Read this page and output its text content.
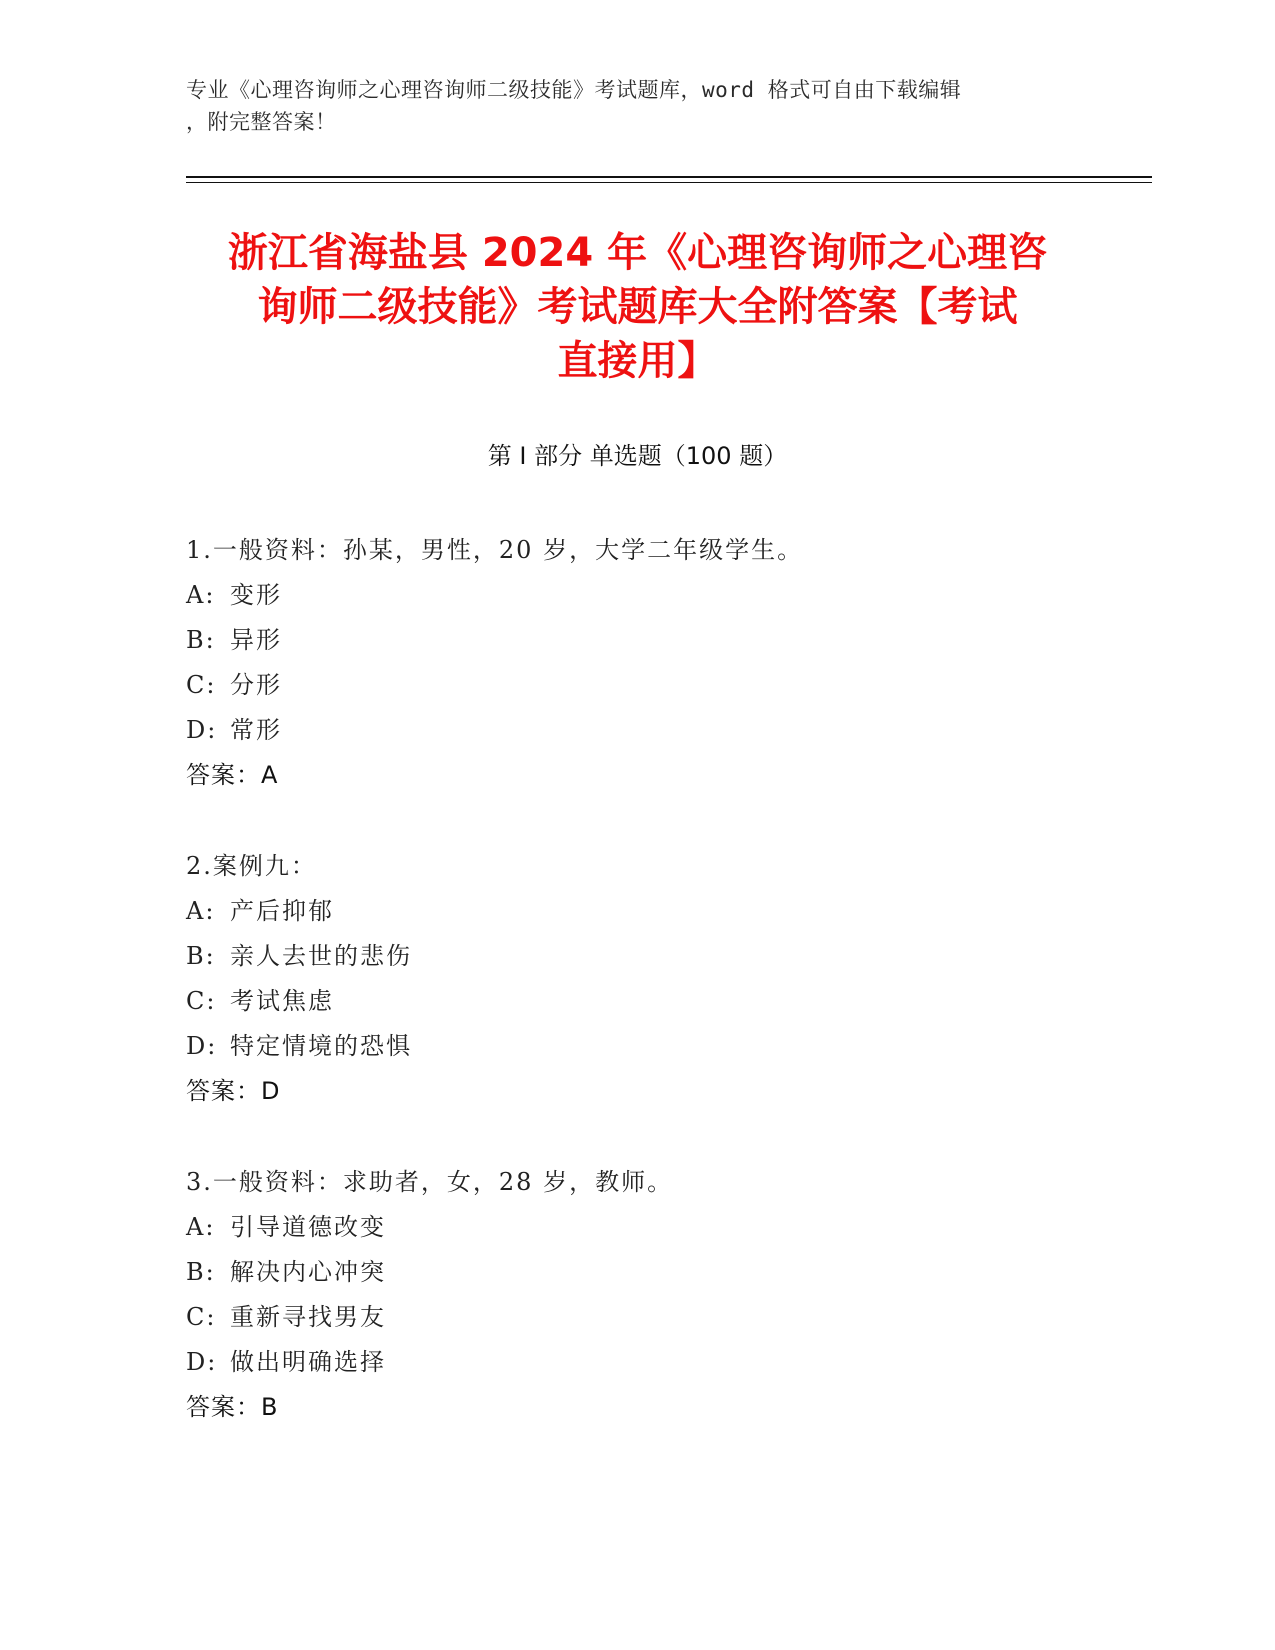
专业《心理咨询师之心理咨询师二级技能》考试题库，word 格式可自由下载编辑
，附完整答案！
浙江省海盐县 2024 年《心理咨询师之心理咨
询师二级技能》考试题库大全附答案【考试
直接用】
第 I 部分 单选题（100 题）
1.一般资料：孙某，男性，20 岁，大学二年级学生。
A: 变形
B: 异形
C: 分形
D: 常形
答案：A
2.案例九：
A: 产后抑郁
B: 亲人去世的悲伤
C: 考试焦虑
D: 特定情境的恐惧
答案：D
3.一般资料：求助者，女，28 岁，教师。
A: 引导道德改变
B: 解决内心冲突
C: 重新寻找男友
D: 做出明确选择
答案：B
